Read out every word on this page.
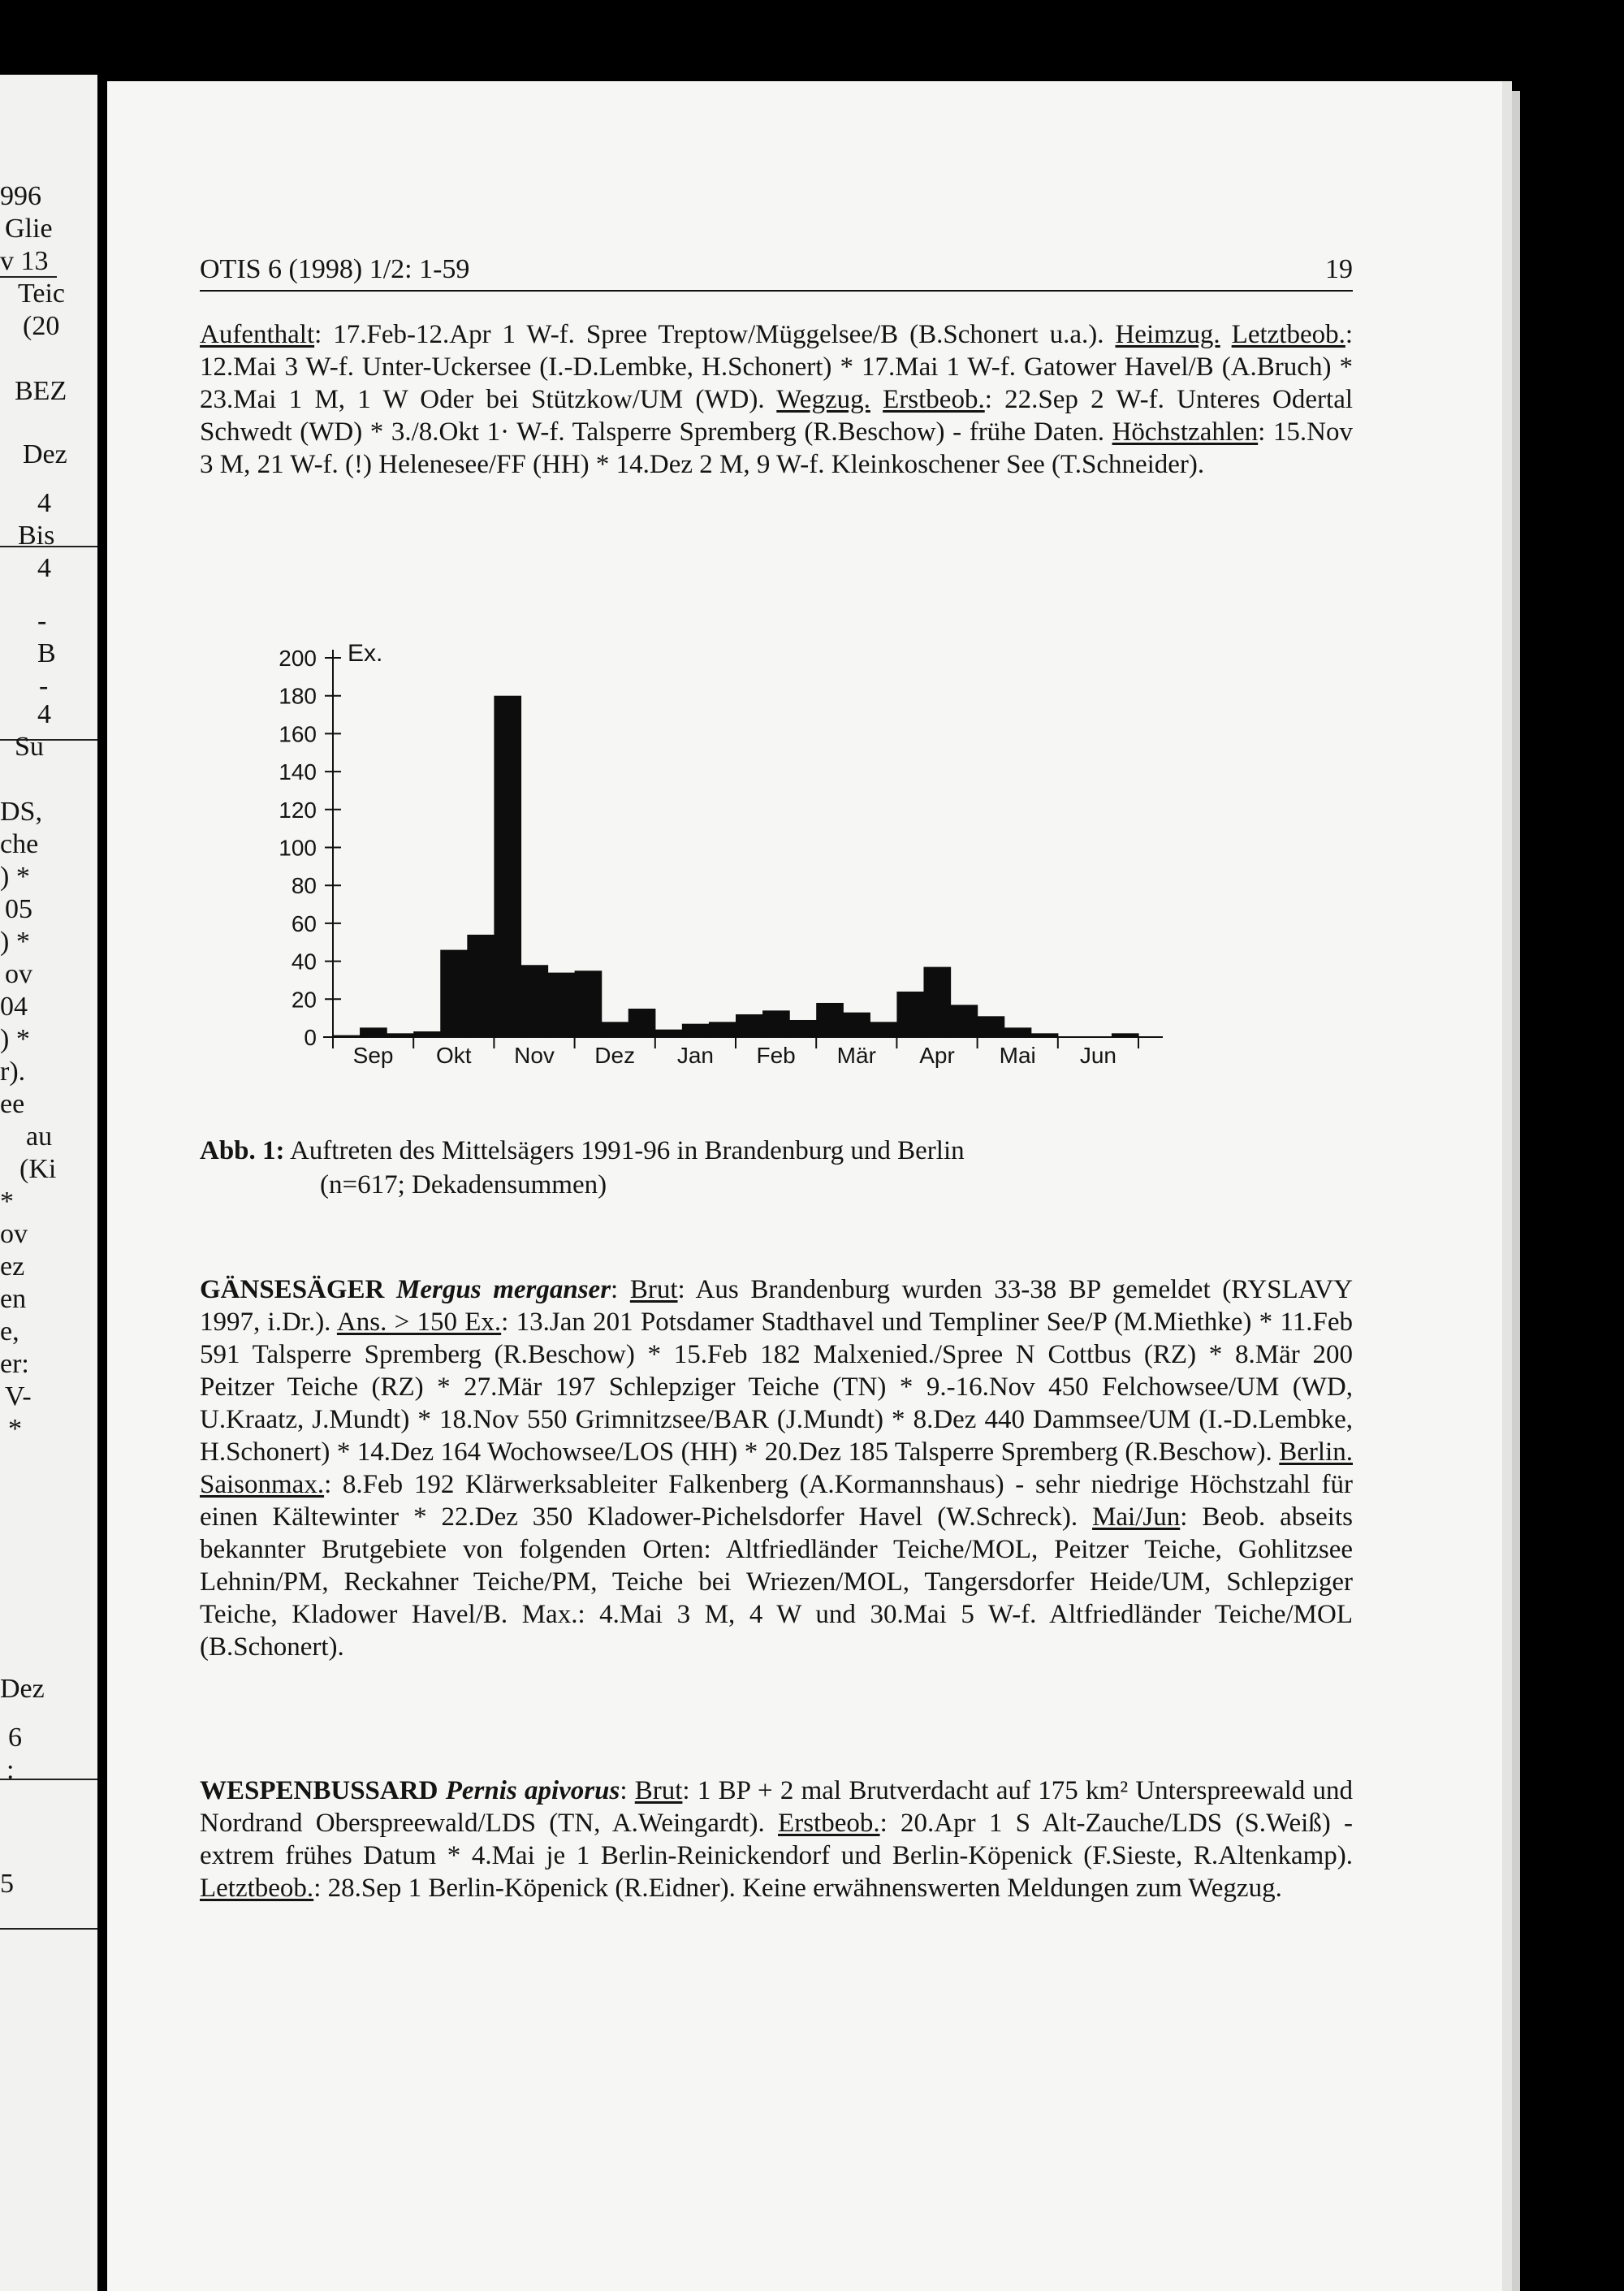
996
Glie
v 13
Teic
(20
BEZ
Dez
4
Bis
4
-
B
-
4
Su
DS,
che
) *
05
) *
ov
04
) *
r).
ee
au
(Ki
*
ov
ez
en
e,
er:
V-
*
Dez
6
:
5
OTIS 6 (1998) 1/2: 1-59	19
Aufenthalt: 17.Feb-12.Apr 1 W-f. Spree Treptow/Müggelsee/B (B.Schonert u.a.). Heimzug. Letztbeob.: 12.Mai 3 W-f. Unter-Uckersee (I.-D.Lembke, H.Schonert) * 17.Mai 1 W-f. Gatower Havel/B (A.Bruch) * 23.Mai 1 M, 1 W Oder bei Stützkow/UM (WD). Wegzug. Erstbeob.: 22.Sep 2 W-f. Unteres Odertal Schwedt (WD) * 3./8.Okt 1· W-f. Talsperre Spremberg (R.Beschow) - frühe Daten. Höchstzahlen: 15.Nov 3 M, 21 W-f. (!) Helenesee/FF (HH) * 14.Dez 2 M, 9 W-f. Kleinkoschener See (T.Schneider).
0
20
40
60
80
100
120
140
160
180
200 Ex.
Sep Okt Nov Dez Jan Feb Mär Apr Mai Jun
Abb. 1: Auftreten des Mittelsägers 1991-96 in Brandenburg und Berlin
(n=617; Dekadensummen)
GÄNSESÄGER Mergus merganser: Brut: Aus Brandenburg wurden 33-38 BP gemeldet (RYSLAVY 1997, i.Dr.). Ans. > 150 Ex.: 13.Jan 201 Potsdamer Stadthavel und Templiner See/P (M.Miethke) * 11.Feb 591 Talsperre Spremberg (R.Beschow) * 15.Feb 182 Malxenied./Spree N Cottbus (RZ) * 8.Mär 200 Peitzer Teiche (RZ) * 27.Mär 197 Schlepziger Teiche (TN) * 9.-16.Nov 450 Felchowsee/UM (WD, U.Kraatz, J.Mundt) * 18.Nov 550 Grimnitzsee/BAR (J.Mundt) * 8.Dez 440 Dammsee/UM (I.-D.Lembke, H.Schonert) * 14.Dez 164 Wochowsee/LOS (HH) * 20.Dez 185 Talsperre Spremberg (R.Beschow). Berlin. Saisonmax.: 8.Feb 192 Klärwerksableiter Falkenberg (A.Kormannshaus) - sehr niedrige Höchstzahl für einen Kältewinter * 22.Dez 350 Kladower-Pichelsdorfer Havel (W.Schreck). Mai/Jun: Beob. abseits bekannter Brutgebiete von folgenden Orten: Altfriedländer Teiche/MOL, Peitzer Teiche, Gohlitzsee Lehnin/PM, Reckahner Teiche/PM, Teiche bei Wriezen/MOL, Tangersdorfer Heide/UM, Schlepziger Teiche, Kladower Havel/B. Max.: 4.Mai 3 M, 4 W und 30.Mai 5 W-f. Altfriedländer Teiche/MOL (B.Schonert).
WESPENBUSSARD Pernis apivorus: Brut: 1 BP + 2 mal Brutverdacht auf 175 km² Unterspreewald und Nordrand Oberspreewald/LDS (TN, A.Weingardt). Erstbeob.: 20.Apr 1 S Alt-Zauche/LDS (S.Weiß) - extrem frühes Datum * 4.Mai je 1 Berlin-Reinickendorf und Berlin-Köpenick (F.Sieste, R.Altenkamp). Letztbeob.: 28.Sep 1 Berlin-Köpenick (R.Eidner). Keine erwähnenswerten Meldungen zum Wegzug.
